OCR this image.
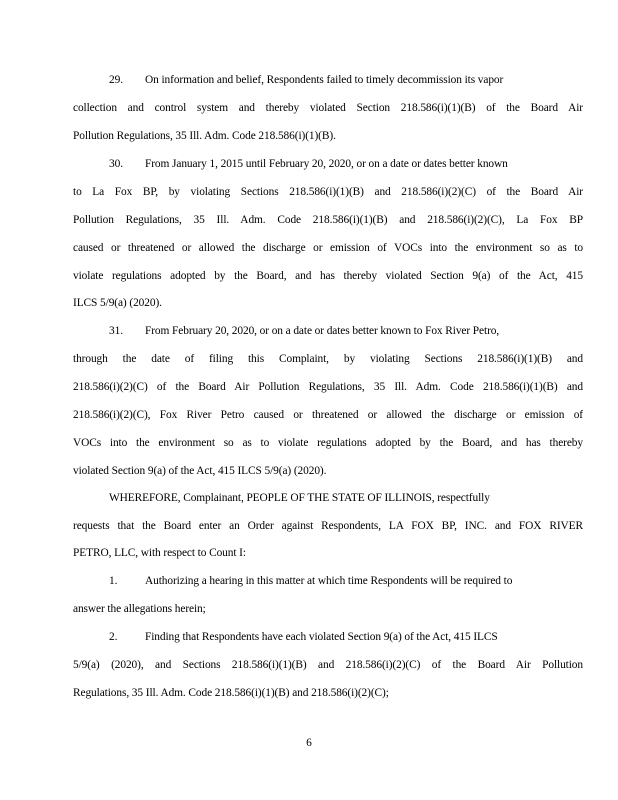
29. On information and belief, Respondents failed to timely decommission its vapor
collection and control system and thereby violated Section 218.586(i)(1)(B) of the Board Air
Pollution Regulations, 35 Ill. Adm. Code 218.586(i)(1)(B).
30. From January 1, 2015 until February 20, 2020, or on a date or dates better known
to La Fox BP, by violating Sections 218.586(i)(1)(B) and 218.586(i)(2)(C) of the Board Air
Pollution Regulations, 35 Ill. Adm. Code 218.586(i)(1)(B) and 218.586(i)(2)(C), La Fox BP
caused or threatened or allowed the discharge or emission of VOCs into the environment so as to
violate regulations adopted by the Board, and has thereby violated Section 9(a) of the Act, 415
ILCS 5/9(a) (2020).
31. From February 20, 2020, or on a date or dates better known to Fox River Petro,
through the date of filing this Complaint, by violating Sections 218.586(i)(1)(B) and
218.586(i)(2)(C) of the Board Air Pollution Regulations, 35 Ill. Adm. Code 218.586(i)(1)(B) and
218.586(i)(2)(C), Fox River Petro caused or threatened or allowed the discharge or emission of
VOCs into the environment so as to violate regulations adopted by the Board, and has thereby
violated Section 9(a) of the Act, 415 ILCS 5/9(a) (2020).
WHEREFORE, Complainant, PEOPLE OF THE STATE OF ILLINOIS, respectfully
requests that the Board enter an Order against Respondents, LA FOX BP, INC. and FOX RIVER
PETRO, LLC, with respect to Count I:
1. Authorizing a hearing in this matter at which time Respondents will be required to
answer the allegations herein;
2. Finding that Respondents have each violated Section 9(a) of the Act, 415 ILCS
5/9(a) (2020), and Sections 218.586(i)(1)(B) and 218.586(i)(2)(C) of the Board Air Pollution
Regulations, 35 Ill. Adm. Code 218.586(i)(1)(B) and 218.586(i)(2)(C);
6
